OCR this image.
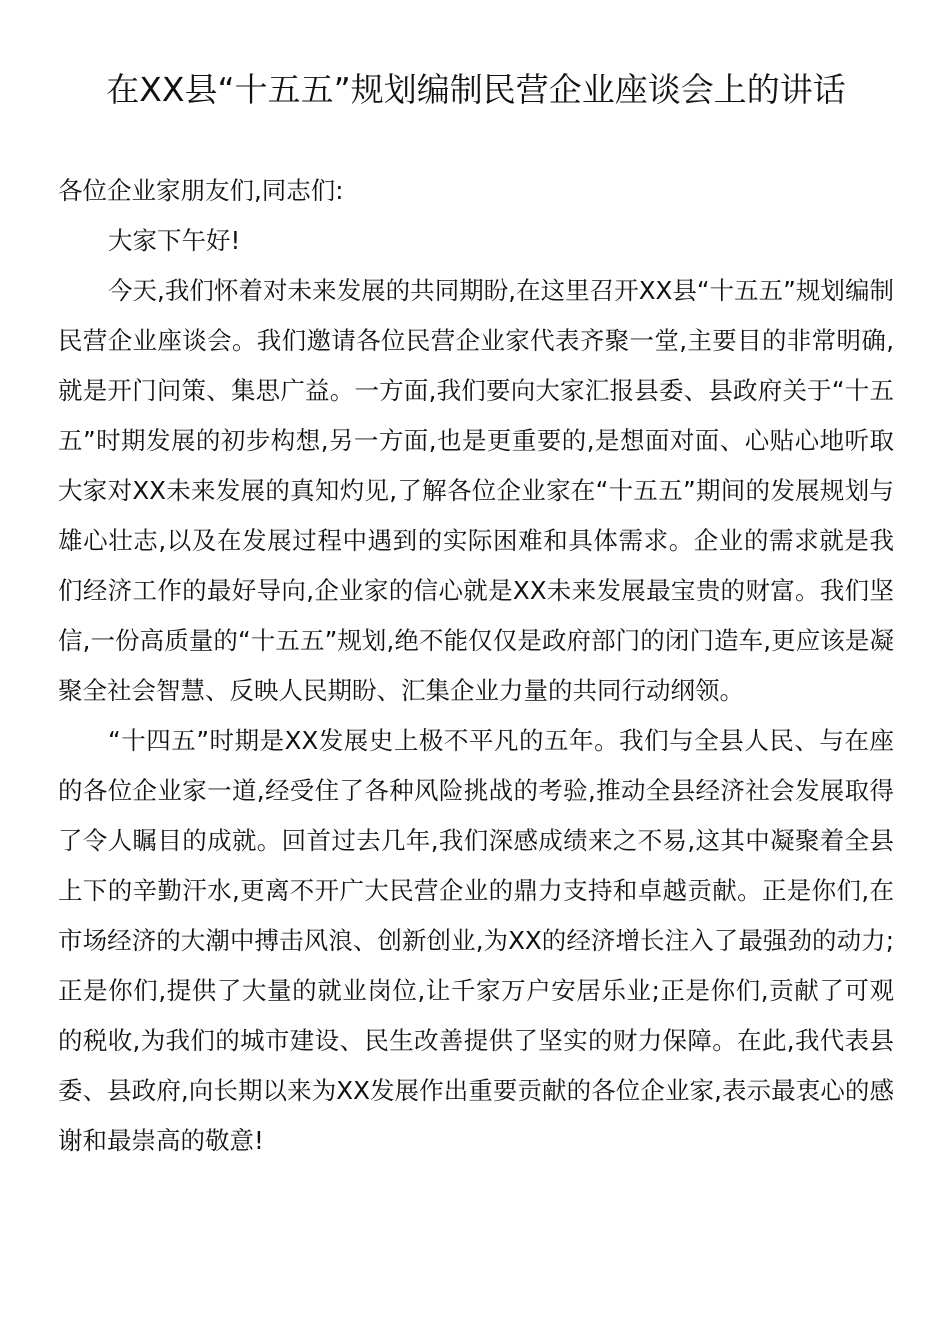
在XX县“十五五”规划编制民营企业座谈会上的讲话

各位企业家朋友们,同志们:

大家下午好!

今天,我们怀着对未来发展的共同期盼,在这里召开XX县“十五五”规划编制民营企业座谈会。我们邀请各位民营企业家代表齐聚一堂,主要目的非常明确,就是开门问策、集思广益。一方面,我们要向大家汇报县委、县政府关于“十五五”时期发展的初步构想,另一方面,也是更重要的,是想面对面、心贴心地听取大家对XX未来发展的真知灼见,了解各位企业家在“十五五”期间的发展规划与雄心壮志,以及在发展过程中遇到的实际困难和具体需求。企业的需求就是我们经济工作的最好导向,企业家的信心就是XX未来发展最宝贵的财富。我们坚信,一份高质量的“十五五”规划,绝不能仅仅是政府部门的闭门造车,更应该是凝聚全社会智慧、反映人民期盼、汇集企业力量的共同行动纲领。

“十四五”时期是XX发展史上极不平凡的五年。我们与全县人民、与在座的各位企业家一道,经受住了各种风险挑战的考验,推动全县经济社会发展取得了令人瞩目的成就。回首过去几年,我们深感成绩来之不易,这其中凝聚着全县上下的辛勤汗水,更离不开广大民营企业的鼎力支持和卓越贡献。正是你们,在市场经济的大潮中搏击风浪、创新创业,为XX的经济增长注入了最强劲的动力;正是你们,提供了大量的就业岗位,让千家万户安居乐业;正是你们,贡献了可观的税收,为我们的城市建设、民生改善提供了坚实的财力保障。在此,我代表县委、县政府,向长期以来为XX发展作出重要贡献的各位企业家,表示最衷心的感谢和最崇高的敬意!
